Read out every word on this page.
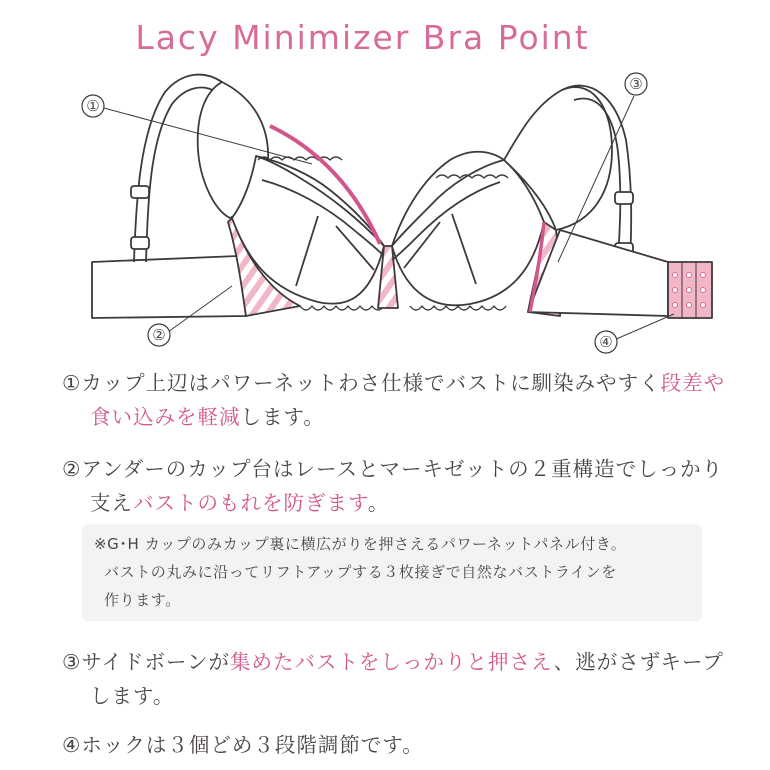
Lacy Minimizer Bra Point
①
②
③
④
①カップ上辺はパワーネットわさ仕様でバストに馴染みやすく段差や食い込みを軽減します。
②アンダーのカップ台はレースとマーキゼットの２重構造でしっかり支えバストのもれを防ぎます。
※G･H カップのみカップ裏に横広がりを押さえるパワーネットパネル付き。
バストの丸みに沿ってリフトアップする３枚接ぎで自然なバストラインを
作ります。
③サイドボーンが集めたバストをしっかりと押さえ、逃がさずキープします。
④ホックは３個どめ３段階調節です。
